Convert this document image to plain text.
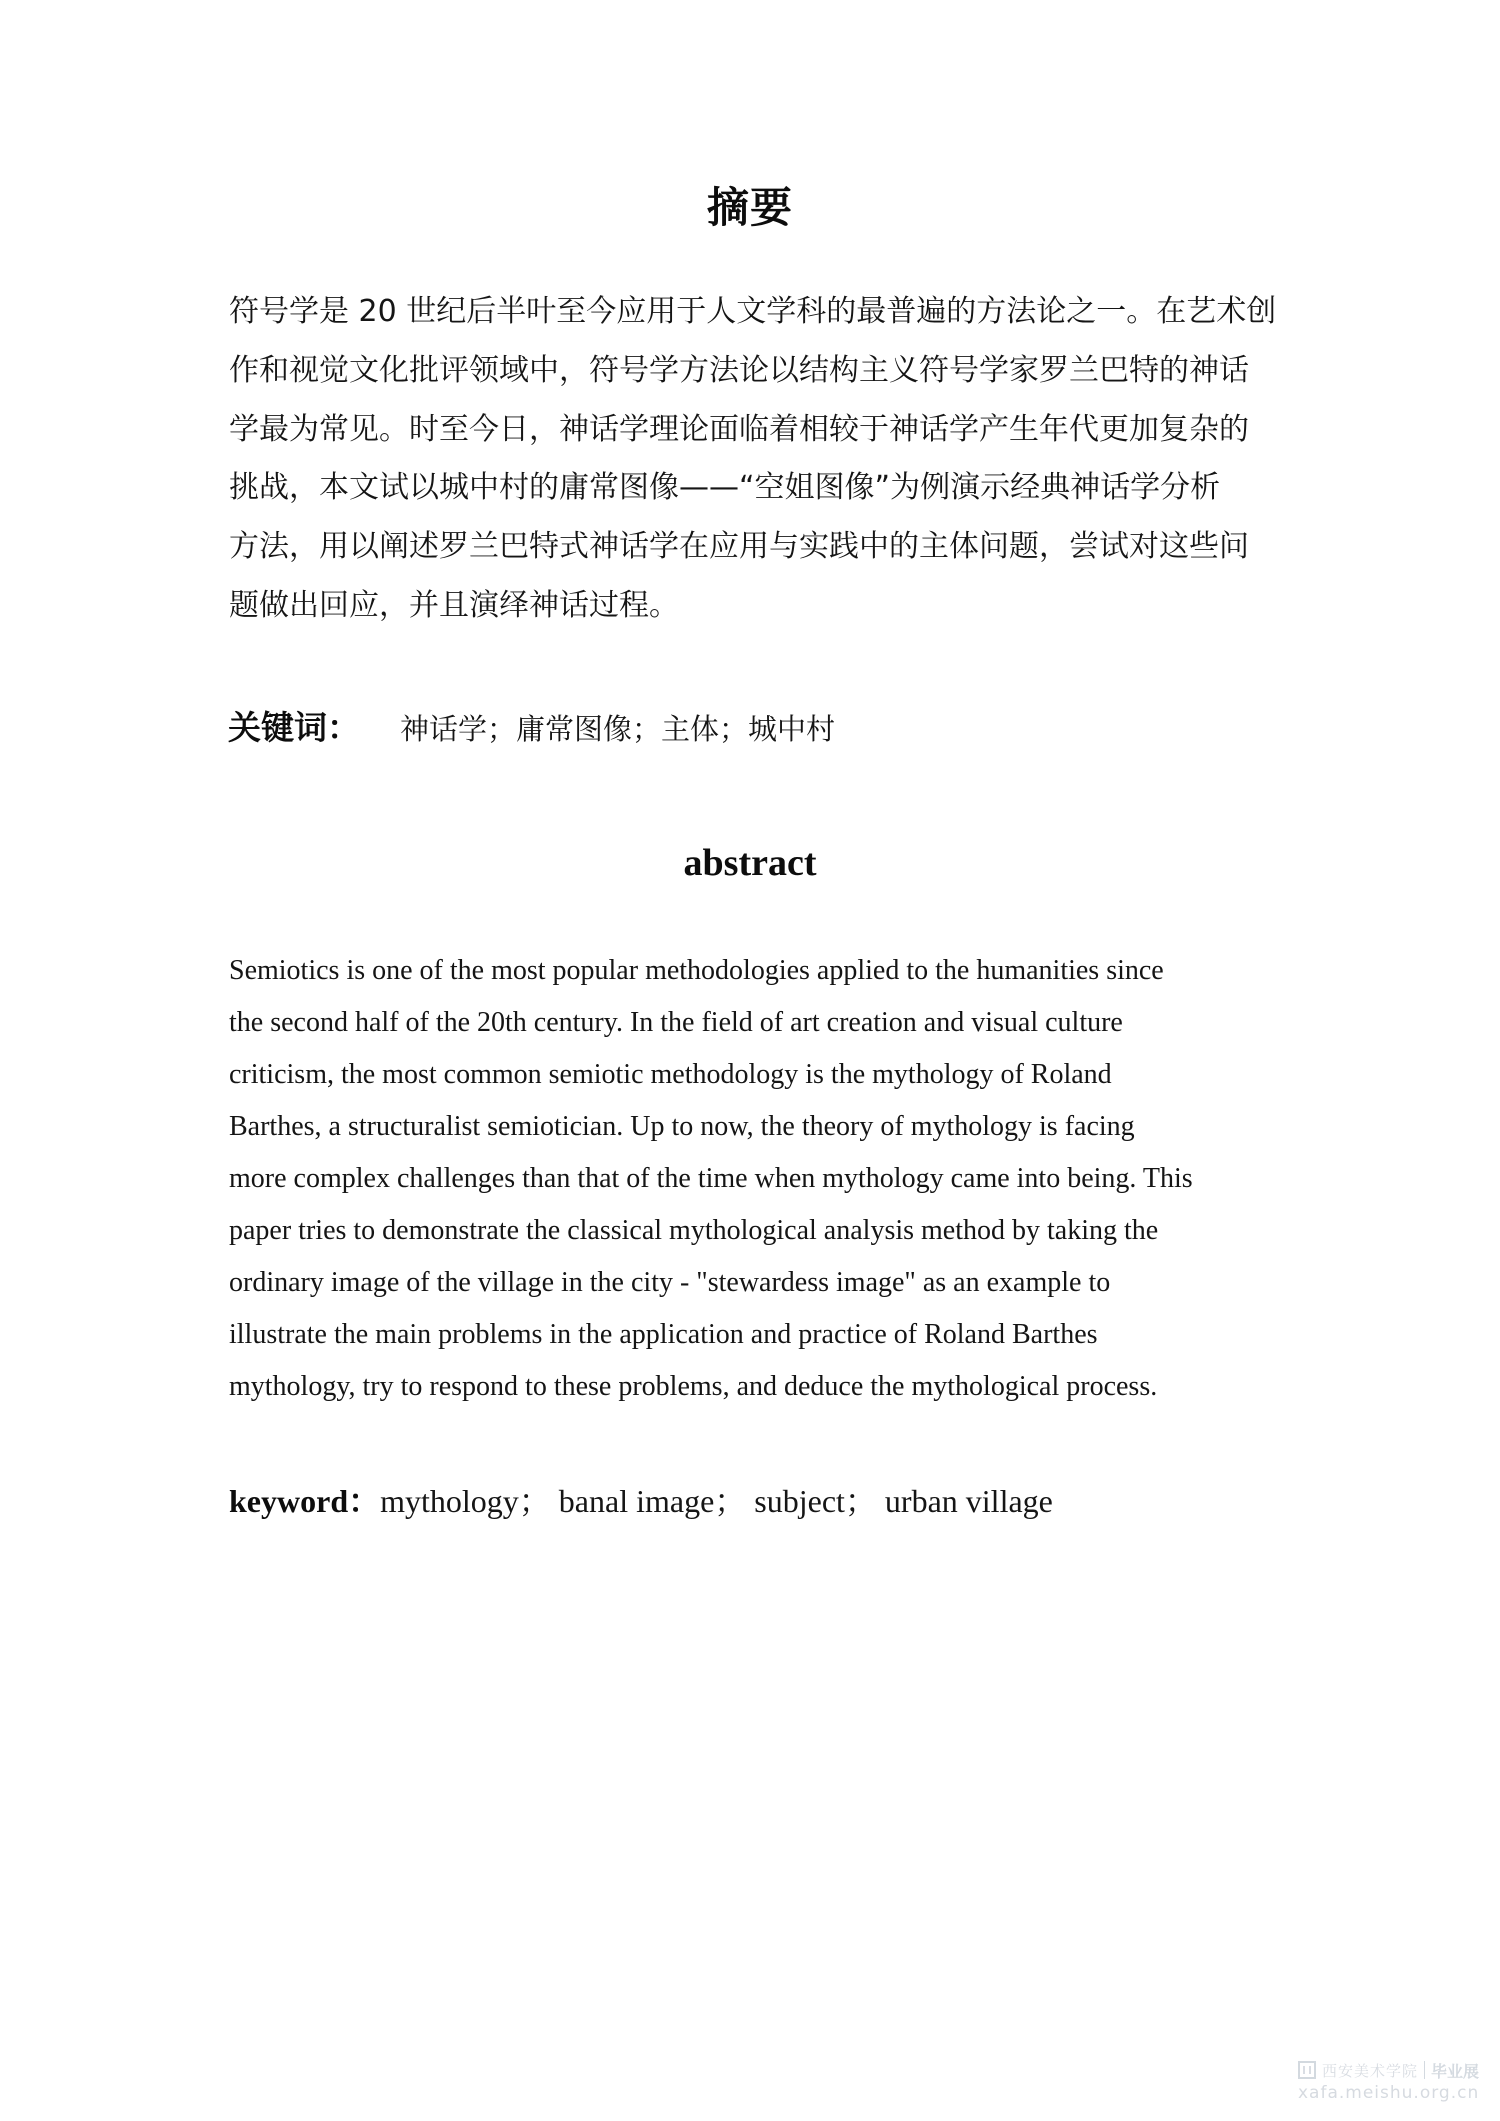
摘要
符号学是 20 世纪后半叶至今应用于人文学科的最普遍的方法论之一。在艺术创
作和视觉文化批评领域中，符号学方法论以结构主义符号学家罗兰巴特的神话
学最为常见。时至今日，神话学理论面临着相较于神话学产生年代更加复杂的
挑战，本文试以城中村的庸常图像——“空姐图像”为例演示经典神话学分析
方法，用以阐述罗兰巴特式神话学在应用与实践中的主体问题，尝试对这些问
题做出回应，并且演绎神话过程。
关键词： 神话学；庸常图像；主体；城中村
abstract
Semiotics is one of the most popular methodologies applied to the humanities since
the second half of the 20th century. In the field of art creation and visual culture
criticism, the most common semiotic methodology is the mythology of Roland
Barthes, a structuralist semiotician. Up to now, the theory of mythology is facing
more complex challenges than that of the time when mythology came into being. This
paper tries to demonstrate the classical mythological analysis method by taking the
ordinary image of the village in the city - "stewardess image" as an example to
illustrate the main problems in the application and practice of Roland Barthes
mythology, try to respond to these problems, and deduce the mythological process.
keyword：mythology； banal image； subject； urban village
西安美术学院 毕业展
xafa.meishu.org.cn
